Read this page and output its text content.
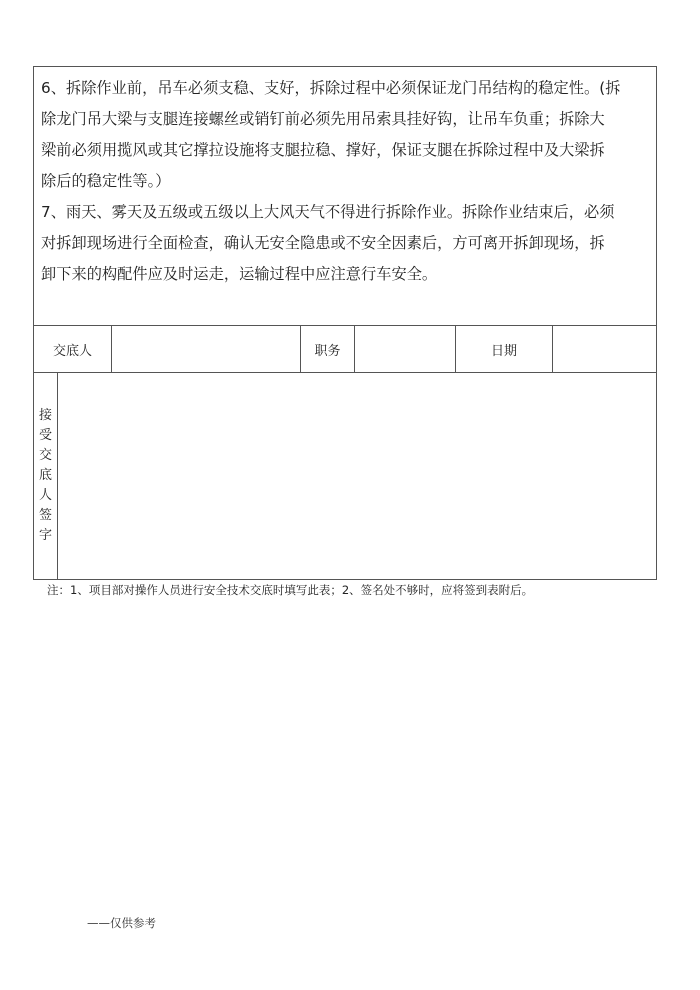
6、拆除作业前，吊车必须支稳、支好，拆除过程中必须保证龙门吊结构的稳定性。(拆
除龙门吊大梁与支腿连接螺丝或销钉前必须先用吊索具挂好钩，让吊车负重；拆除大
梁前必须用揽风或其它撑拉设施将支腿拉稳、撑好，保证支腿在拆除过程中及大梁拆
除后的稳定性等。）

7、雨天、雾天及五级或五级以上大风天气不得进行拆除作业。拆除作业结束后，必须
对拆卸现场进行全面检查，确认无安全隐患或不安全因素后，方可离开拆卸现场，拆
卸下来的构配件应及时运走，运输过程中应注意行车安全。

交底人	职务	日期
接受交底人签字
注：1、项目部对操作人员进行安全技术交底时填写此表；2、签名处不够时，应将签到表附后。
——仅供参考
